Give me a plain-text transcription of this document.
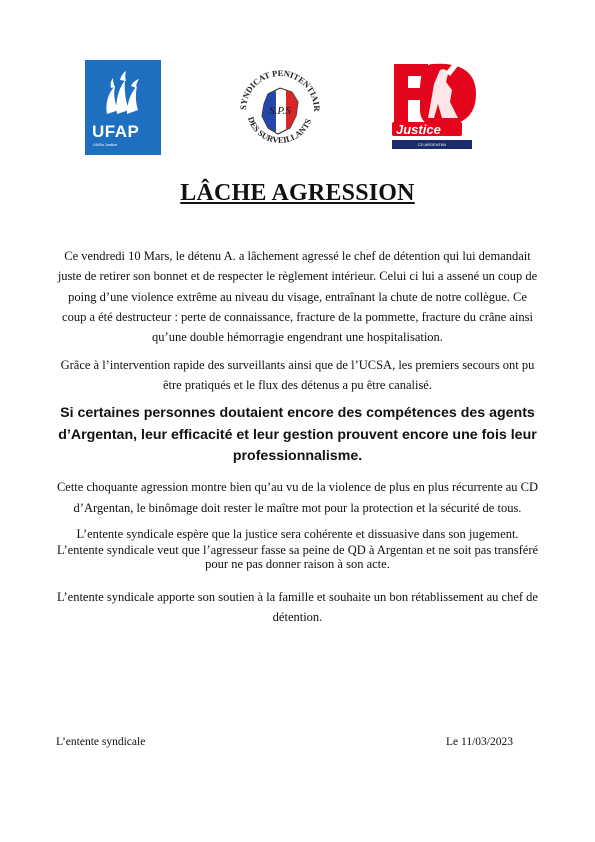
UFAP
UNSa Justice
SYNDICAT PENITENTIAIR
DES SURVEILLANTS
S.P.S
Justice
CD ARGENTAN
LÂCHE AGRESSION

Ce vendredi 10 Mars, le détenu A. a lâchement agressé le chef de détention qui lui demandait juste de retirer son bonnet et de respecter le règlement intérieur. Celui ci lui a assené un coup de poing d’une violence extrême au niveau du visage, entraînant la chute de notre collègue. Ce coup a été destructeur : perte de connaissance, fracture de la pommette, fracture du crâne ainsi qu’une double hémorragie engendrant une hospitalisation.

Grâce à l’intervention rapide des surveillants ainsi que de l’UCSA, les premiers secours ont pu être pratiqués et le flux des détenus a pu être canalisé.

Si certaines personnes doutaient encore des compétences des agents d’Argentan, leur efficacité et leur gestion prouvent encore une fois leur professionnalisme.

Cette choquante agression montre bien qu’au vu de la violence de plus en plus récurrente au CD d’Argentan, le binômage doit rester le maître mot pour la protection et la sécurité de tous.

L’entente syndicale espère que la justice sera cohérente et dissuasive dans son jugement.

L’entente syndicale veut que l’agresseur fasse sa peine de QD à Argentan et ne soit pas transféré pour ne pas donner raison à son acte.

L’entente syndicale apporte son soutien à la famille et souhaite un bon rétablissement au chef de détention.

L’entente syndicale	Le 11/03/2023
